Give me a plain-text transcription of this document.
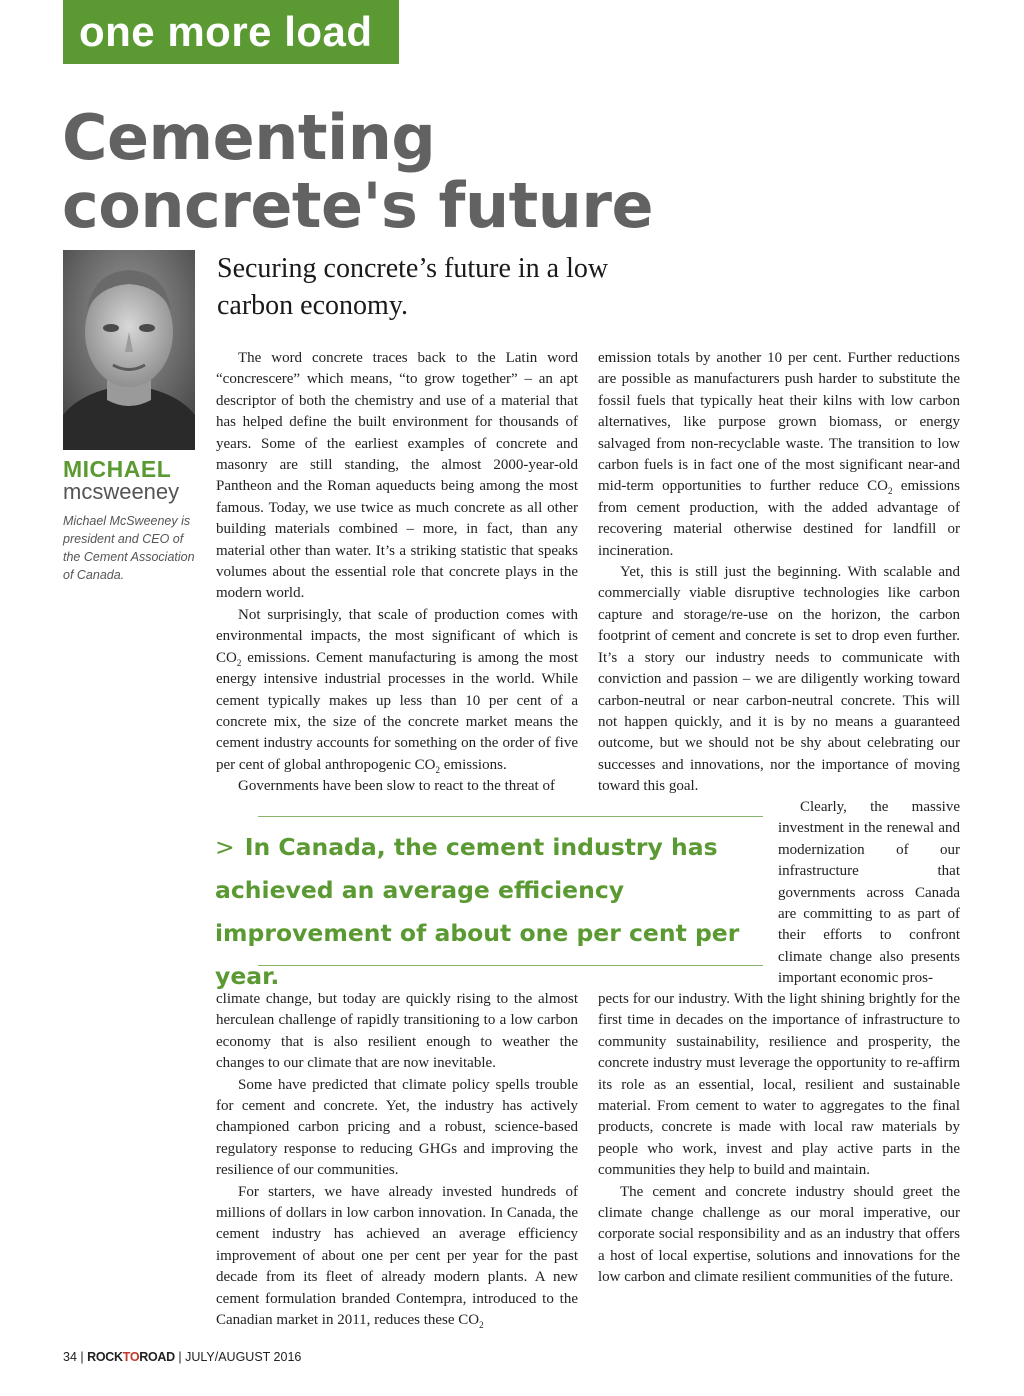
one more load
Cementing concrete's future
Securing concrete’s future in a low carbon economy.
MICHAEL
mcsweeney
Michael McSweeney is president and CEO of the Cement Association of Canada.

The word concrete traces back to the Latin word “concrescere” which means, “to grow together” – an apt descriptor of both the chemistry and use of a material that has helped define the built environment for thousands of years. Some of the earliest examples of concrete and masonry are still standing, the almost 2000-year-old Pantheon and the Roman aqueducts being among the most famous. Today, we use twice as much concrete as all other building materials combined – more, in fact, than any material other than water. It’s a striking statistic that speaks volumes about the essential role that concrete plays in the modern world.

Not surprisingly, that scale of production comes with environmental impacts, the most significant of which is $CO_2$ emissions. Cement manufacturing is among the most energy intensive industrial processes in the world. While cement typically makes up less than 10 per cent of a concrete mix, the size of the concrete market means the cement industry accounts for something on the order of five per cent of global anthropogenic $CO_2$ emissions.

Governments have been slow to react to the threat of

emission totals by another 10 per cent. Further reductions are possible as manufacturers push harder to substitute the fossil fuels that typically heat their kilns with low carbon alternatives, like purpose grown biomass, or energy salvaged from non-recyclable waste. The transition to low carbon fuels is in fact one of the most significant near-and mid-term opportunities to further reduce $CO_2$ emissions from cement production, with the added advantage of recovering material otherwise destined for landfill or incineration.

Yet, this is still just the beginning. With scalable and commercially viable disruptive technologies like carbon capture and storage/re-use on the horizon, the carbon footprint of cement and concrete is set to drop even further. It’s a story our industry needs to communicate with conviction and passion – we are diligently working toward carbon-neutral or near carbon-neutral concrete. This will not happen quickly, and it is by no means a guaranteed outcome, but we should not be shy about celebrating our successes and innovations, nor the importance of moving toward this goal.

> In Canada, the cement industry has achieved an average efficiency improvement of about one per cent per year.

Clearly, the massive investment in the renewal and modernization of our infrastructure that governments across Canada are committing to as part of their efforts to confront climate change also presents important economic pros-

climate change, but today are quickly rising to the almost herculean challenge of rapidly transitioning to a low carbon economy that is also resilient enough to weather the changes to our climate that are now inevitable.

Some have predicted that climate policy spells trouble for cement and concrete. Yet, the industry has actively championed carbon pricing and a robust, science-based regulatory response to reducing GHGs and improving the resilience of our communities.

For starters, we have already invested hundreds of millions of dollars in low carbon innovation. In Canada, the cement industry has achieved an average efficiency improvement of about one per cent per year for the past decade from its fleet of already modern plants. A new cement formulation branded Contempra, introduced to the Canadian market in 2011, reduces these $CO_2$

pects for our industry. With the light shining brightly for the first time in decades on the importance of infrastructure to community sustainability, resilience and prosperity, the concrete industry must leverage the opportunity to re-affirm its role as an essential, local, resilient and sustainable material. From cement to water to aggregates to the final products, concrete is made with local raw materials by people who work, invest and play active parts in the communities they help to build and maintain.

The cement and concrete industry should greet the climate change challenge as our moral imperative, our corporate social responsibility and as an industry that offers a host of local expertise, solutions and innovations for the low carbon and climate resilient communities of the future.

34 | ROCKTOROAD | JULY/AUGUST 2016
